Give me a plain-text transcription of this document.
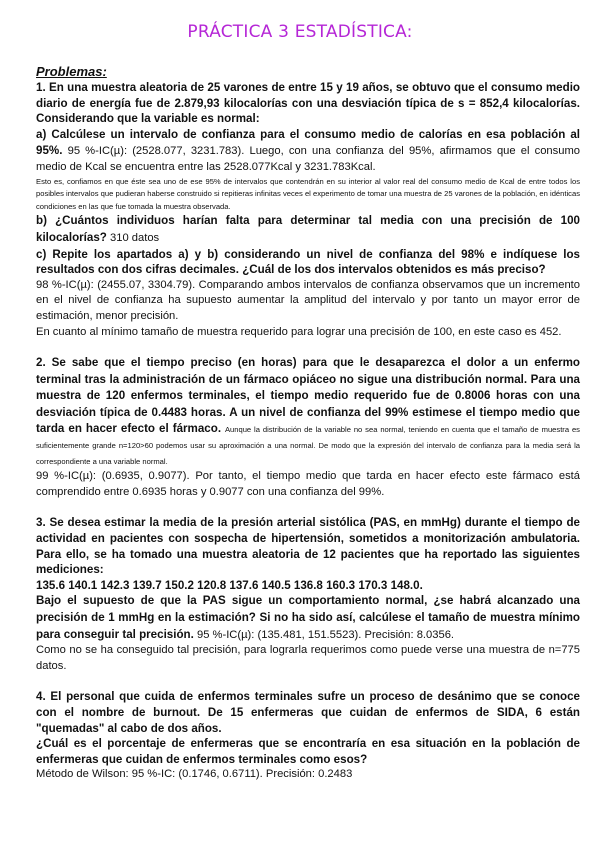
PRÁCTICA 3 ESTADÍSTICA:
Problemas:

1. En una muestra aleatoria de 25 varones de entre 15 y 19 años, se obtuvo que el consumo medio diario de energía fue de 2.879,93 kilocalorías con una desviación típica de s = 852,4 kilocalorías. Considerando que la variable es normal:

a) Calcúlese un intervalo de confianza para el consumo medio de calorías en esa población al 95%. 95 %-IC(µ): (2528.077, 3231.783). Luego, con una confianza del 95%, afirmamos que el consumo medio de Kcal se encuentra entre las 2528.077Kcal y 3231.783Kcal.

Esto es, confiamos en que éste sea uno de ese 95% de intervalos que contendrán en su interior al valor real del consumo medio de Kcal de entre todos los posibles intervalos que pudieran haberse construido si repitieras infinitas veces el experimento de tomar una muestra de 25 varones de la población, en idénticas condiciones en las que fue tomada la muestra observada.

b) ¿Cuántos individuos harían falta para determinar tal media con una precisión de 100 kilocalorías? 310 datos

c) Repite los apartados a) y b) considerando un nivel de confianza del 98% e indíquese los resultados con dos cifras decimales. ¿Cuál de los dos intervalos obtenidos es más preciso?

98 %-IC(µ): (2455.07, 3304.79). Comparando ambos intervalos de confianza observamos que un incremento en el nivel de confianza ha supuesto aumentar la amplitud del intervalo y por tanto un mayor error de estimación, menor precisión.

En cuanto al mínimo tamaño de muestra requerido para lograr una precisión de 100, en este caso es 452.

2. Se sabe que el tiempo preciso (en horas) para que le desaparezca el dolor a un enfermo terminal tras la administración de un fármaco opiáceo no sigue una distribución normal. Para una muestra de 120 enfermos terminales, el tiempo medio requerido fue de 0.8006 horas con una desviación típica de 0.4483 horas. A un nivel de confianza del 99% estimese el tiempo medio que tarda en hacer efecto el fármaco. Aunque la distribución de la variable no sea normal, teniendo en cuenta que el tamaño de muestra es suficientemente grande n=120>60 podemos usar su aproximación a una normal. De modo que la expresión del intervalo de confianza para la media será la correspondiente a una variable normal.

99 %-IC(µ): (0.6935, 0.9077). Por tanto, el tiempo medio que tarda en hacer efecto este fármaco está comprendido entre 0.6935 horas y 0.9077 con una confianza del 99%.

3. Se desea estimar la media de la presión arterial sistólica (PAS, en mmHg) durante el tiempo de actividad en pacientes con sospecha de hipertensión, sometidos a monitorización ambulatoria. Para ello, se ha tomado una muestra aleatoria de 12 pacientes que ha reportado las siguientes mediciones:

135.6 140.1 142.3 139.7 150.2 120.8 137.6 140.5 136.8 160.3 170.3 148.0.

Bajo el supuesto de que la PAS sigue un comportamiento normal, ¿se habrá alcanzado una precisión de 1 mmHg en la estimación? Si no ha sido así, calcúlese el tamaño de muestra mínimo para conseguir tal precisión. 95 %-IC(µ): (135.481, 151.5523). Precisión: 8.0356.

Como no se ha conseguido tal precisión, para lograrla requerimos como puede verse una muestra de n=775 datos.

4. El personal que cuida de enfermos terminales sufre un proceso de desánimo que se conoce con el nombre de burnout. De 15 enfermeras que cuidan de enfermos de SIDA, 6 están "quemadas" al cabo de dos años.

¿Cuál es el porcentaje de enfermeras que se encontraría en esa situación en la población de enfermeras que cuidan de enfermos terminales como esos?

Método de Wilson: 95 %-IC: (0.1746, 0.6711). Precisión: 0.2483
